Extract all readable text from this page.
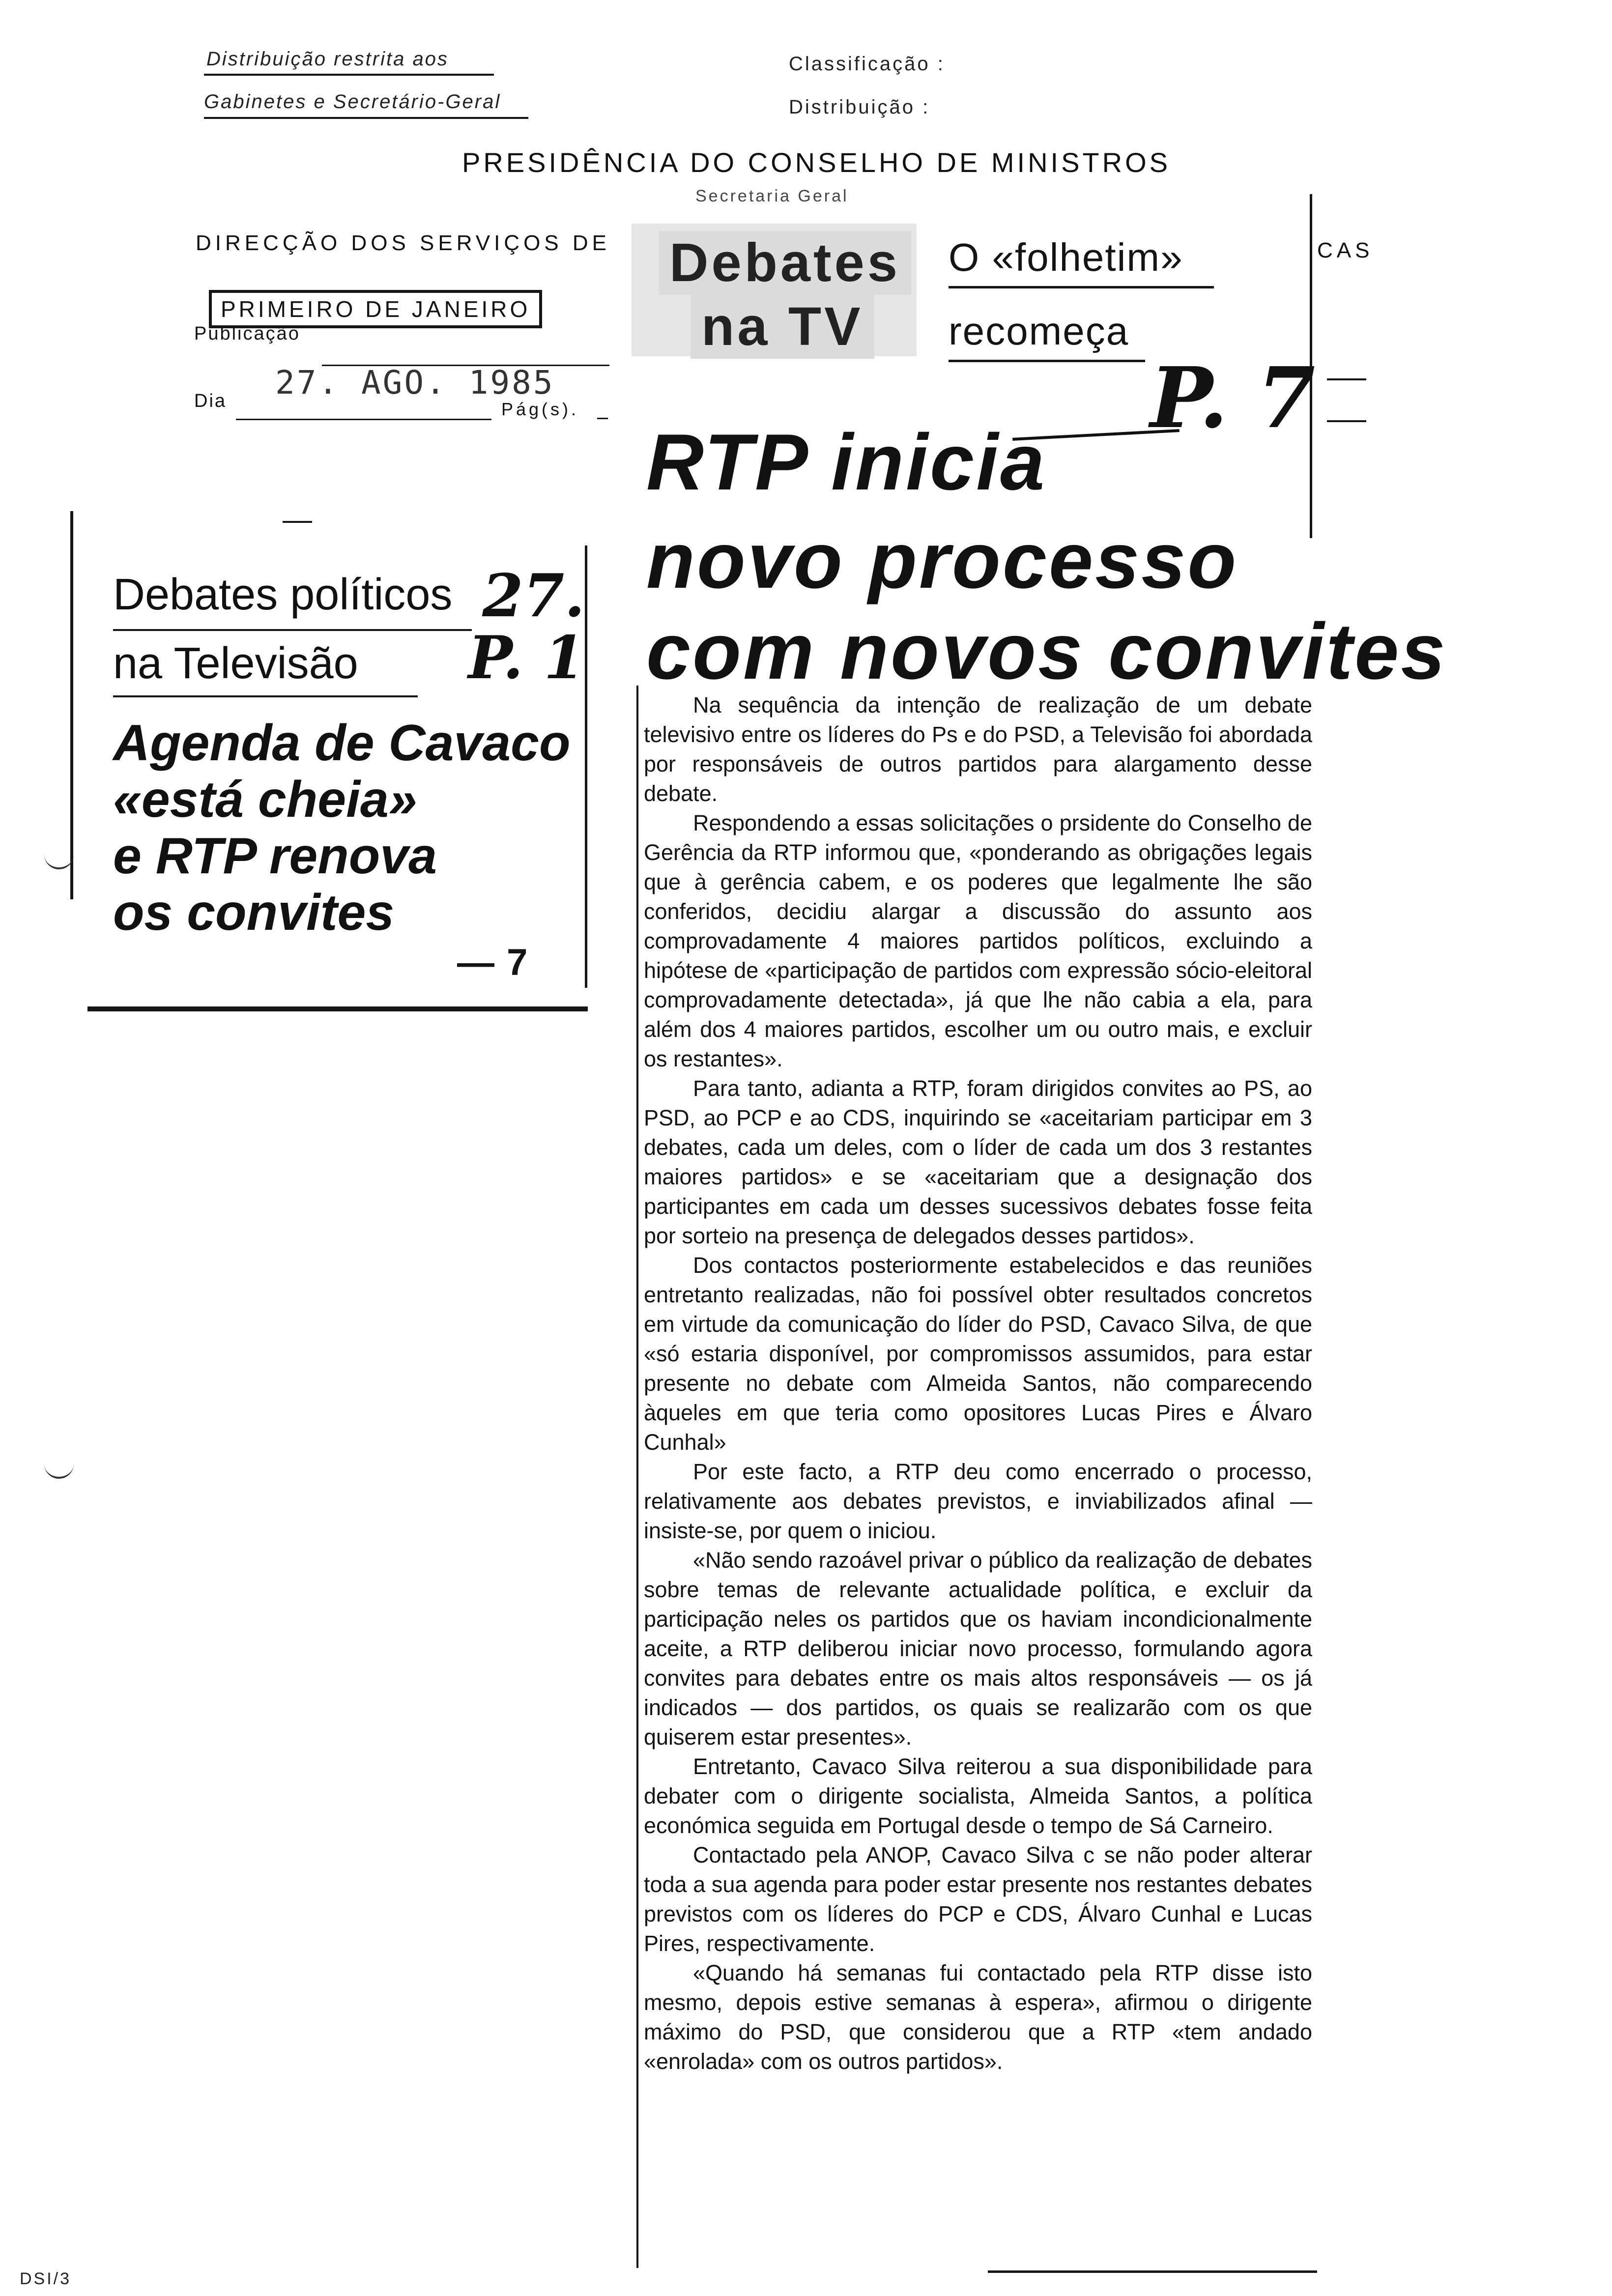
Distribuição restrita aos
Gabinetes e Secretário-Geral
Classificação :
Distribuição :
PRESIDÊNCIA DO CONSELHO DE MINISTROS
Secretaria Geral
DIRECÇÃO DOS SERVIÇOS DE	CAS
PRIMEIRO DE JANEIRO
Publicação
Dia 27. AGO. 1985
Pág(s).
Debates
na TV
O «folhetim»
recomeça
P. 7
RTP inicia
novo processo
com novos convites
Debates políticos
na Televisão
27. P. 1
Agenda de Cavaco
«está cheia»
e RTP renova
os convites
— 7

Na sequência da intenção de realização de um debate televisivo entre os líderes do Ps e do PSD, a Televisão foi abordada por responsáveis de outros partidos para alargamento desse debate.

Respondendo a essas solicitações o prsidente do Conselho de Gerência da RTP informou que, «ponderando as obrigações legais que à gerência cabem, e os poderes que legalmente lhe são conferidos, decidiu alargar a discussão do assunto aos comprovadamente 4 maiores partidos políticos, excluindo a hipótese de «participação de partidos com expressão sócio-eleitoral comprovadamente detectada», já que lhe não cabia a ela, para além dos 4 maiores partidos, escolher um ou outro mais, e excluir os restantes».

Para tanto, adianta a RTP, foram dirigidos convites ao PS, ao PSD, ao PCP e ao CDS, inquirindo se «aceitariam participar em 3 debates, cada um deles, com o líder de cada um dos 3 restantes maiores partidos» e se «aceitariam que a designação dos participantes em cada um desses sucessivos debates fosse feita por sorteio na presença de delegados desses partidos».

Dos contactos posteriormente estabelecidos e das reuniões entretanto realizadas, não foi possível obter resultados concretos em virtude da comunicação do líder do PSD, Cavaco Silva, de que «só estaria disponível, por compromissos assumidos, para estar presente no debate com Almeida Santos, não comparecendo àqueles em que teria como opositores Lucas Pires e Álvaro Cunhal»

Por este facto, a RTP deu como encerrado o processo, relativamente aos debates previstos, e inviabilizados afinal — insiste-se, por quem o iniciou.

«Não sendo razoável privar o público da realização de debates sobre temas de relevante actualidade política, e excluir da participação neles os partidos que os haviam incondicionalmente aceite, a RTP deliberou iniciar novo processo, formulando agora convites para debates entre os mais altos responsáveis — os já indicados — dos partidos, os quais se realizarão com os que quiserem estar presentes».

Entretanto, Cavaco Silva reiterou a sua disponibilidade para debater com o dirigente socialista, Almeida Santos, a política económica seguida em Portugal desde o tempo de Sá Carneiro.

Contactado pela ANOP, Cavaco Silva c se não poder alterar toda a sua agenda para poder estar presente nos restantes debates previstos com os líderes do PCP e CDS, Álvaro Cunhal e Lucas Pires, respectivamente.

«Quando há semanas fui contactado pela RTP disse isto mesmo, depois estive semanas à espera», afirmou o dirigente máximo do PSD, que considerou que a RTP «tem andado «enrolada» com os outros partidos».

DSI/3
